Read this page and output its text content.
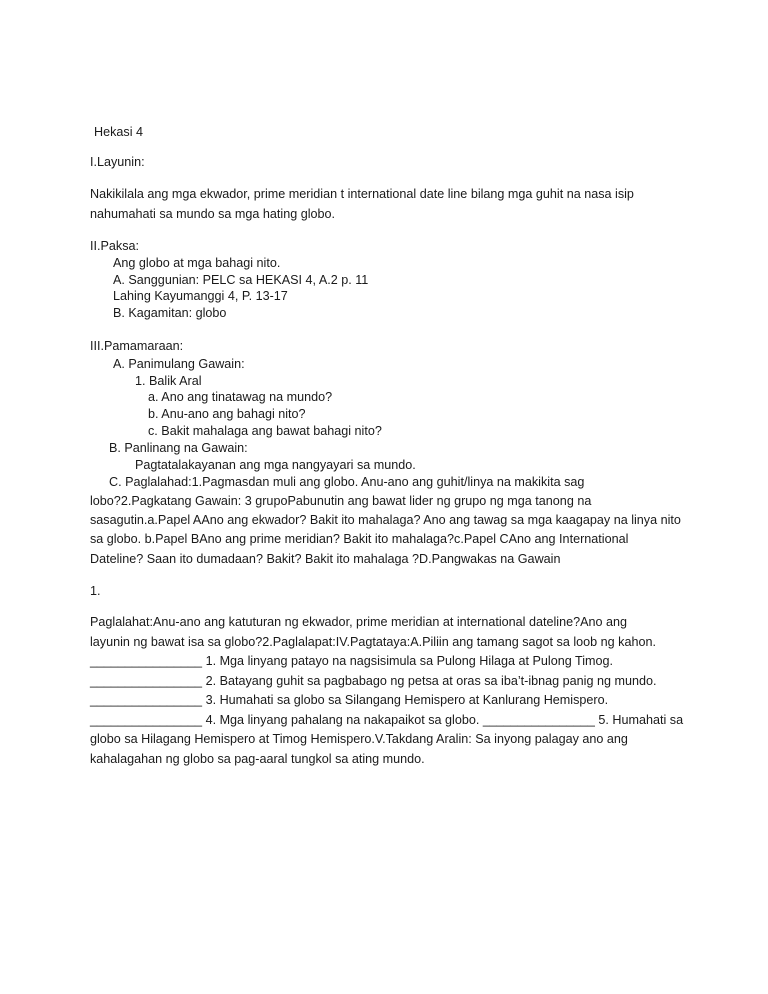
Hekasi 4
I.Layunin:
Nakikilala ang mga ekwador, prime meridian t international date line bilang mga guhit na nasa isip
nahumahati sa mundo sa mga hating globo.
II.Paksa:
Ang globo at mga bahagi nito.
A. Sanggunian: PELC sa HEKASI 4, A.2 p. 11
Lahing Kayumanggi 4, P. 13-17
B. Kagamitan: globo
III.Pamamaraan:
A. Panimulang Gawain:
1. Balik Aral
a. Ano ang tinatawag na mundo?
b. Anu-ano ang bahagi nito?
c. Bakit mahalaga ang bawat bahagi nito?
B. Panlinang na Gawain:
Pagtatalakayanan ang mga nangyayari sa mundo.
C. Paglalahad:1.Pagmasdan muli ang globo. Anu-ano ang guhit/linya na makikita sag
lobo?2.Pagkatang Gawain: 3 grupoPabunutin ang bawat lider ng grupo ng mga tanong na
sasagutin.a.Papel AAno ang ekwador? Bakit ito mahalaga? Ano ang tawag sa mga kaagapay na linya nito
sa globo. b.Papel BAno ang prime meridian? Bakit ito mahalaga?c.Papel CAno ang International
Dateline? Saan ito dumadaan? Bakit? Bakit ito mahalaga ?D.Pangwakas na Gawain
1.
Paglalahat:Anu-ano ang katuturan ng ekwador, prime meridian at international dateline?Ano ang
layunin ng bawat isa sa globo?2.Paglalapat:IV.Pagtataya:A.Piliin ang tamang sagot sa loob ng kahon.
________________ 1. Mga linyang patayo na nagsisimula sa Pulong Hilaga at Pulong Timog.
________________ 2. Batayang guhit sa pagbabago ng petsa at oras sa iba’t-ibnag panig ng mundo.
________________ 3. Humahati sa globo sa Silangang Hemispero at Kanlurang Hemispero.
________________ 4. Mga linyang pahalang na nakapaikot sa globo. ________________ 5. Humahati sa
globo sa Hilagang Hemispero at Timog Hemispero.V.Takdang Aralin: Sa inyong palagay ano ang
kahalagahan ng globo sa pag-aaral tungkol sa ating mundo.
